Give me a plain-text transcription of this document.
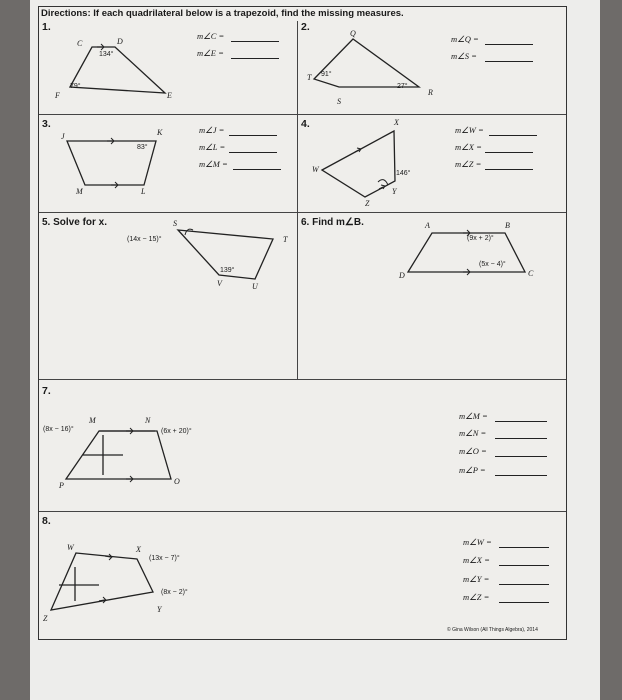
Directions: If each quadrilateral below is a trapezoid, find the missing measures.
1.
C	D
E
F
134°
79°
m∠C =
m∠E =
2.
Q
R
S
T 91°
27°
m∠Q =
m∠S =
3.
J	K
L
M
83°
m∠J =
m∠L =
m∠M =
4.
W
X
Y
Z
146°
m∠W =
m∠X =
m∠Z =
5. Solve for x.	S
T
U
V
(14x − 15)°
139°
6. Find m∠B.	A	B
C
D
(9x + 2)°
(5x − 4)°
7.
M	N
O
P
(8x − 16)°	(6x + 20)°
m∠M =
m∠N =
m∠O =
m∠P =
8.
W	X
Y
Z
(13x − 7)°
(8x − 2)°
m∠W =
m∠X =
m∠Y =
m∠Z =
© Gina Wilson (All Things Algebra), 2014
